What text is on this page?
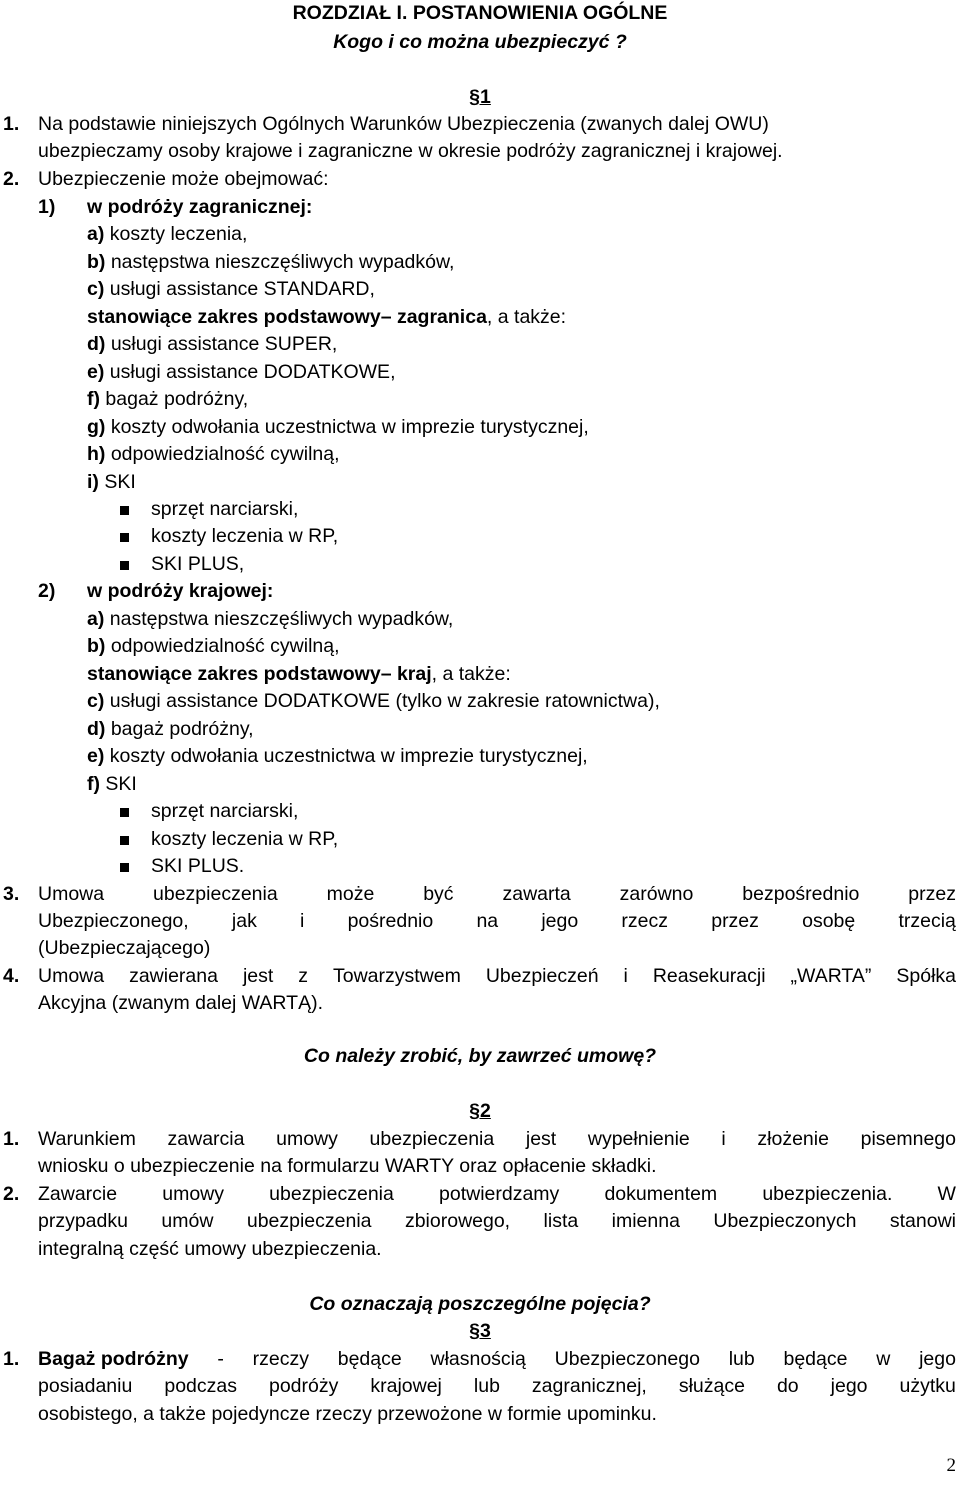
ROZDZIAŁ I. POSTANOWIENIA OGÓLNE
Kogo i co można ubezpieczyć ?
§1
1. Na podstawie niniejszych Ogólnych Warunków Ubezpieczenia (zwanych dalej OWU)
ubezpieczamy osoby krajowe i zagraniczne w okresie podróży zagranicznej i krajowej.
2. Ubezpieczenie może obejmować:
1) w podróży zagranicznej:
a) koszty leczenia,
b) następstwa nieszczęśliwych wypadków,
c) usługi assistance STANDARD,
stanowiące zakres podstawowy– zagranica, a także:
d) usługi assistance SUPER,
e) usługi assistance DODATKOWE,
f) bagaż podróżny,
g) koszty odwołania uczestnictwa w imprezie turystycznej,
h) odpowiedzialność cywilną,
i) SKI
sprzęt narciarski,
koszty leczenia w RP,
SKI PLUS,
2) w podróży krajowej:
a) następstwa nieszczęśliwych wypadków,
b) odpowiedzialność cywilną,
stanowiące zakres podstawowy– kraj, a także:
c) usługi assistance DODATKOWE (tylko w zakresie ratownictwa),
d) bagaż podróżny,
e) koszty odwołania uczestnictwa w imprezie turystycznej,
f) SKI
sprzęt narciarski,
koszty leczenia w RP,
SKI PLUS.
3. Umowa	ubezpieczenia	może	być	zawarta	zarówno	bezpośrednio	przez
Ubezpieczonego, jak i pośrednio na jego rzecz przez osobę trzecią
(Ubezpieczającego)
4. Umowa zawierana jest z Towarzystwem Ubezpieczeń i Reasekuracji „WARTA” Spółka
Akcyjna (zwanym dalej WARTĄ).
Co należy zrobić, by zawrzeć umowę?
§2
1. Warunkiem zawarcia umowy ubezpieczenia jest wypełnienie i złożenie pisemnego
wniosku o ubezpieczenie na formularzu WARTY oraz opłacenie składki.
2. Zawarcie umowy ubezpieczenia potwierdzamy dokumentem ubezpieczenia. W
przypadku umów ubezpieczenia zbiorowego, lista imienna Ubezpieczonych stanowi
integralną część umowy ubezpieczenia.
Co oznaczają poszczególne pojęcia?
§3
1. Bagaż podróżny - rzeczy będące własnością Ubezpieczonego lub będące w jego
posiadaniu podczas podróży krajowej lub zagranicznej, służące do jego użytku
osobistego, a także pojedyncze rzeczy przewożone w formie upominku.
2
